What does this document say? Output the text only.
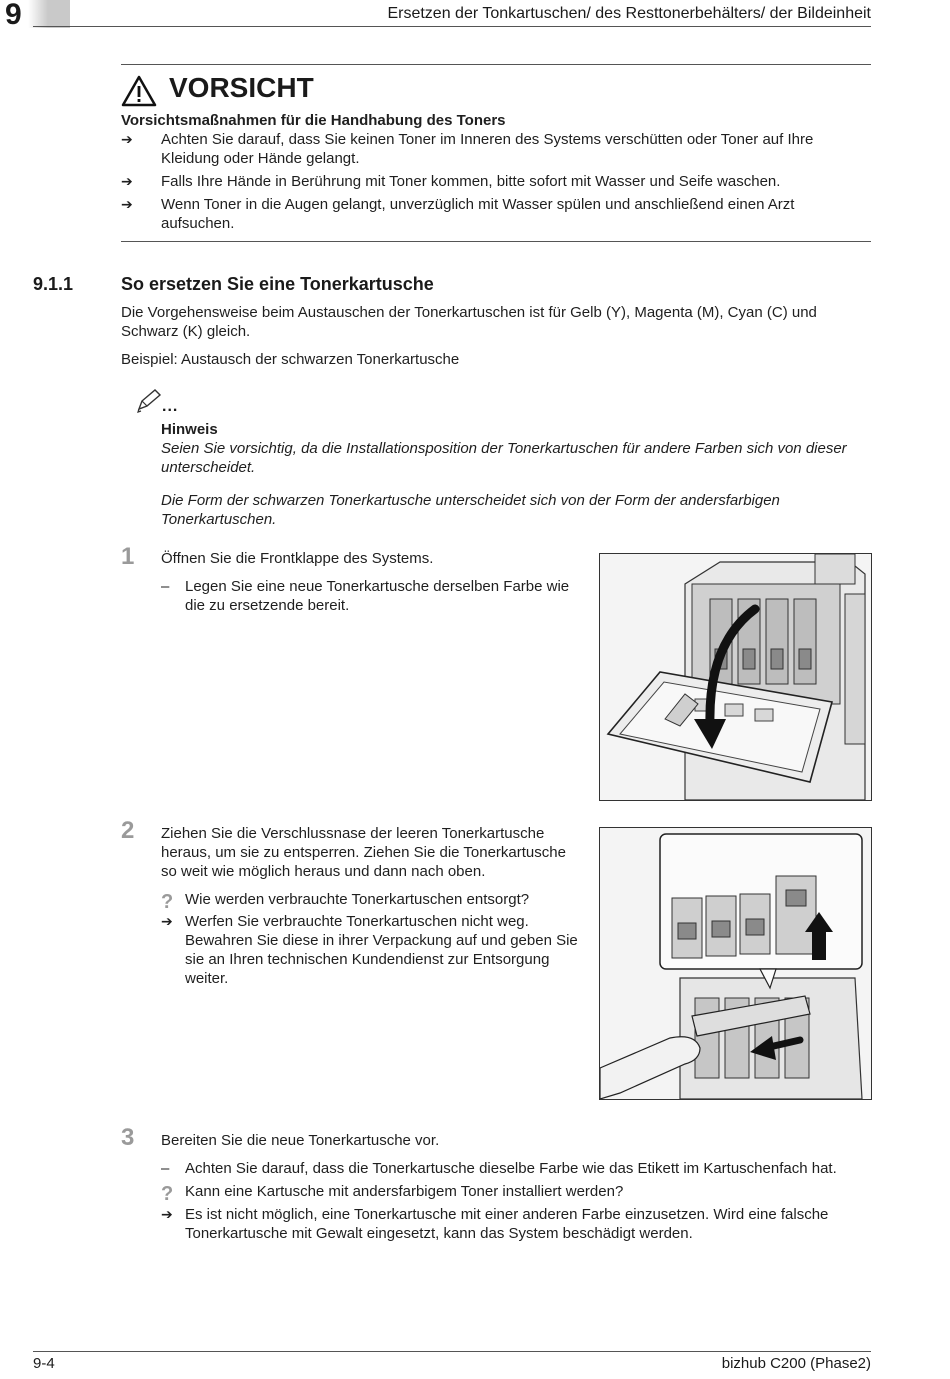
9	Ersetzen der Tonkartuschen/ des Resttonerbehälters/ der Bildeinheit
VORSICHT
Vorsichtsmaßnahmen für die Handhabung des Toners
➔ Achten Sie darauf, dass Sie keinen Toner im Inneren des Systems verschütten oder Toner auf Ihre
Kleidung oder Hände gelangt.
➔ Falls Ihre Hände in Berührung mit Toner kommen, bitte sofort mit Wasser und Seife waschen.
➔ Wenn Toner in die Augen gelangt, unverzüglich mit Wasser spülen und anschließend einen Arzt
aufsuchen.
9.1.1	So ersetzen Sie eine Tonerkartusche
Die Vorgehensweise beim Austauschen der Tonerkartuschen ist für Gelb (Y), Magenta (M), Cyan (C) und
Schwarz (K) gleich.
Beispiel: Austausch der schwarzen Tonerkartusche
...
Hinweis
Seien Sie vorsichtig, da die Installationsposition der Tonerkartuschen für andere Farben sich von dieser
unterscheidet.
Die Form der schwarzen Tonerkartusche unterscheidet sich von der Form der andersfarbigen
Tonerkartuschen.
1 Öffnen Sie die Frontklappe des Systems.
– Legen Sie eine neue Tonerkartusche derselben Farbe wie
die zu ersetzende bereit.
2 Ziehen Sie die Verschlussnase der leeren Tonerkartusche
heraus, um sie zu entsperren. Ziehen Sie die Tonerkartusche
so weit wie möglich heraus und dann nach oben.
? Wie werden verbrauchte Tonerkartuschen entsorgt?
➔ Werfen Sie verbrauchte Tonerkartuschen nicht weg.
Bewahren Sie diese in ihrer Verpackung auf und geben Sie
sie an Ihren technischen Kundendienst zur Entsorgung
weiter.
3 Bereiten Sie die neue Tonerkartusche vor.
– Achten Sie darauf, dass die Tonerkartusche dieselbe Farbe wie das Etikett im Kartuschenfach hat.
? Kann eine Kartusche mit andersfarbigem Toner installiert werden?
➔ Es ist nicht möglich, eine Tonerkartusche mit einer anderen Farbe einzusetzen. Wird eine falsche
Tonerkartusche mit Gewalt eingesetzt, kann das System beschädigt werden.
9-4	bizhub C200 (Phase2)
